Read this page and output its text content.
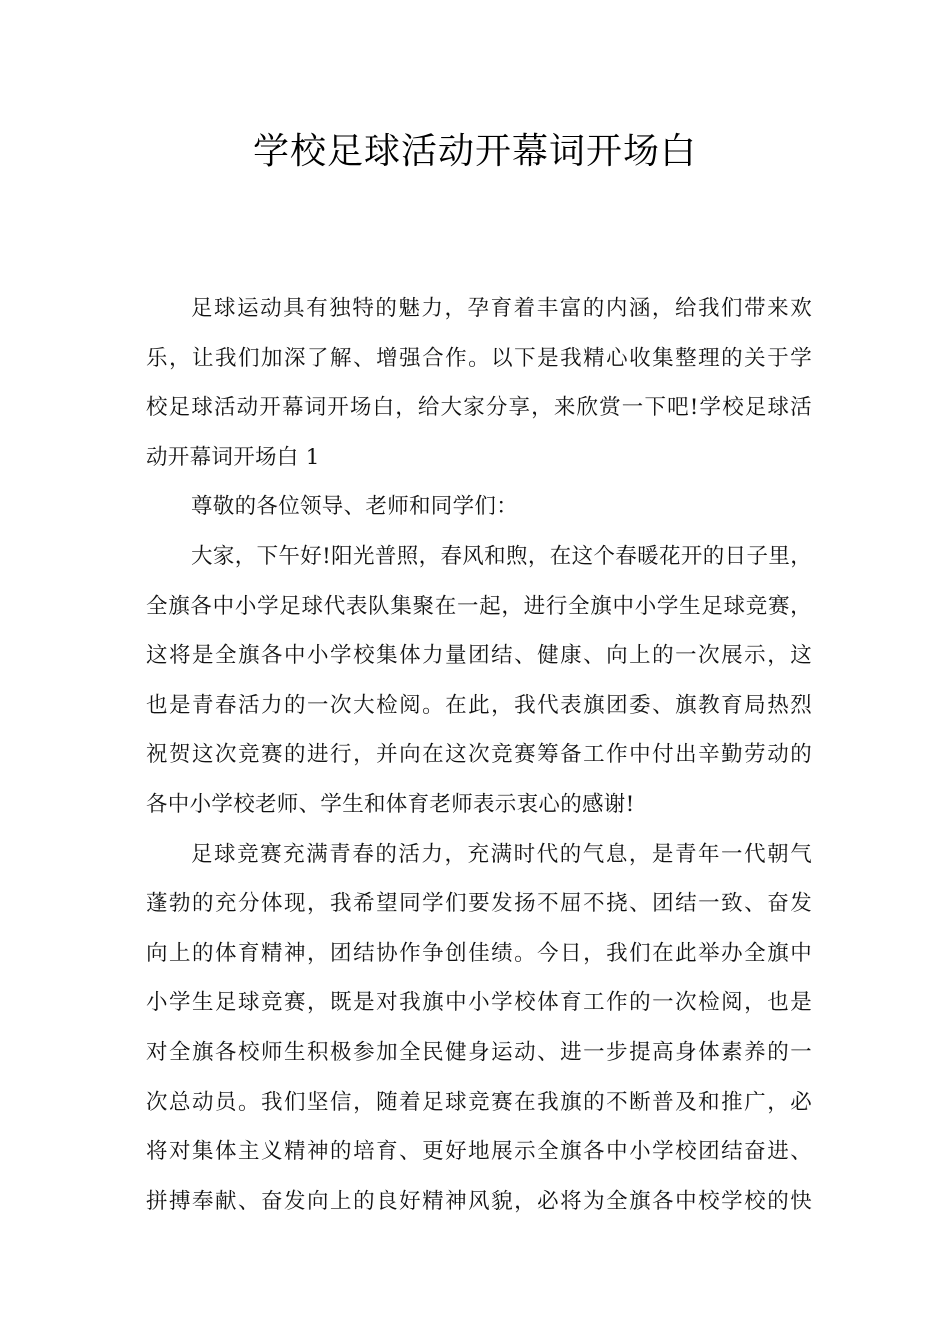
学校足球活动开幕词开场白
足球运动具有独特的魅力，孕育着丰富的内涵，给我们带来欢
乐，让我们加深了解、增强合作。以下是我精心收集整理的关于学
校足球活动开幕词开场白，给大家分享，来欣赏一下吧!学校足球活
动开幕词开场白 1
尊敬的各位领导、老师和同学们：
大家，下午好!阳光普照，春风和煦，在这个春暖花开的日子里，
全旗各中小学足球代表队集聚在一起，进行全旗中小学生足球竞赛，
这将是全旗各中小学校集体力量团结、健康、向上的一次展示，这
也是青春活力的一次大检阅。在此，我代表旗团委、旗教育局热烈
祝贺这次竞赛的进行，并向在这次竞赛筹备工作中付出辛勤劳动的
各中小学校老师、学生和体育老师表示衷心的感谢!
足球竞赛充满青春的活力，充满时代的气息，是青年一代朝气
蓬勃的充分体现，我希望同学们要发扬不屈不挠、团结一致、奋发
向上的体育精神，团结协作争创佳绩。今日，我们在此举办全旗中
小学生足球竞赛，既是对我旗中小学校体育工作的一次检阅，也是
对全旗各校师生积极参加全民健身运动、进一步提高身体素养的一
次总动员。我们坚信，随着足球竞赛在我旗的不断普及和推广，必
将对集体主义精神的培育、更好地展示全旗各中小学校团结奋进、
拼搏奉献、奋发向上的良好精神风貌，必将为全旗各中校学校的快
